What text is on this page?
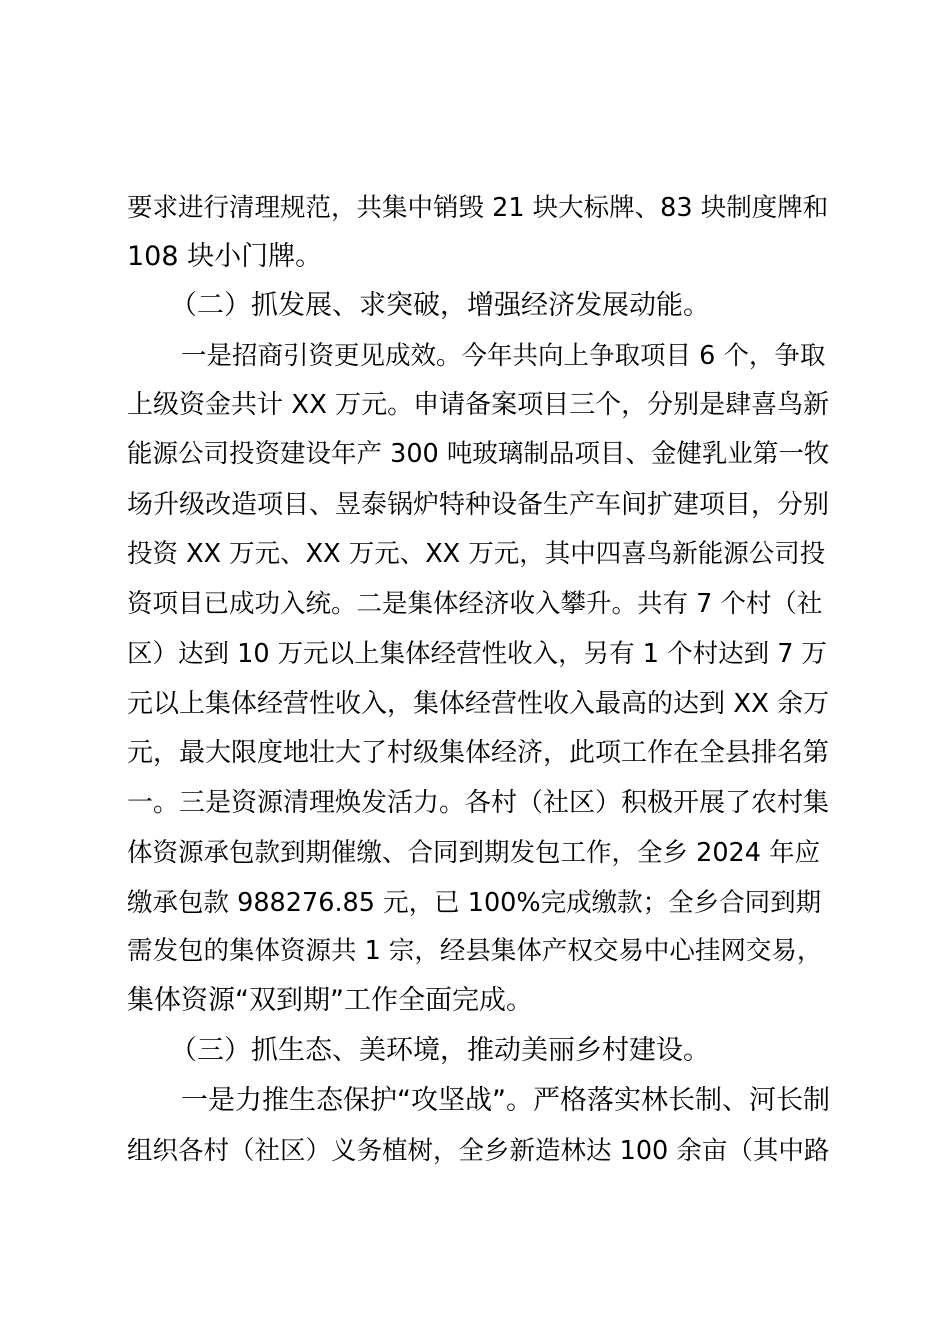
要求进行清理规范，共集中销毁 21 块大标牌、83 块制度牌和
108 块小门牌。
（二）抓发展、求突破，增强经济发展动能。
一是招商引资更见成效。今年共向上争取项目 6 个，争取
上级资金共计 XX 万元。申请备案项目三个，分别是肆喜鸟新
能源公司投资建设年产 300 吨玻璃制品项目、金健乳业第一牧
场升级改造项目、昱泰锅炉特种设备生产车间扩建项目，分别
投资 XX 万元、XX 万元、XX 万元，其中四喜鸟新能源公司投
资项目已成功入统。二是集体经济收入攀升。共有 7 个村（社
区）达到 10 万元以上集体经营性收入，另有 1 个村达到 7 万
元以上集体经营性收入，集体经营性收入最高的达到 XX 余万
元，最大限度地壮大了村级集体经济，此项工作在全县排名第
一。三是资源清理焕发活力。各村（社区）积极开展了农村集
体资源承包款到期催缴、合同到期发包工作，全乡 2024 年应
缴承包款 988276.85 元，已 100%完成缴款；全乡合同到期
需发包的集体资源共 1 宗，经县集体产权交易中心挂网交易，
集体资源“双到期”工作全面完成。
（三）抓生态、美环境，推动美丽乡村建设。
一是力推生态保护“攻坚战”。严格落实林长制、河长制
组织各村（社区）义务植树，全乡新造林达 100 余亩（其中路
